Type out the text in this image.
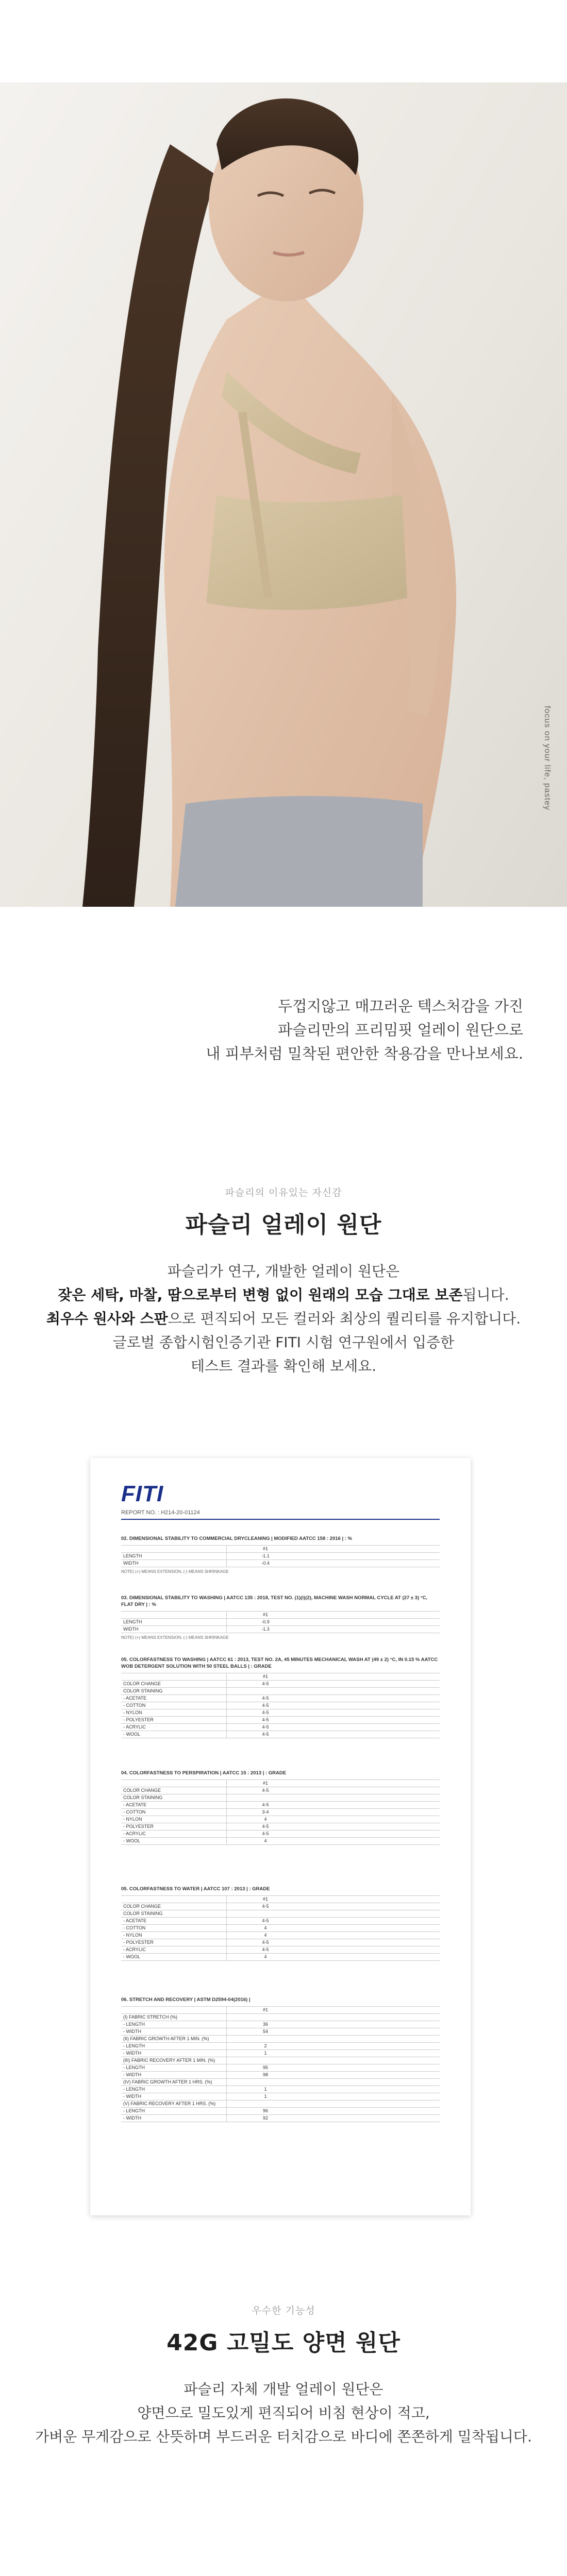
focus on your life, pastey
두껍지않고 매끄러운 텍스처감을 가진
파슬리만의 프리밈핏 얼레이 원단으로
내 피부처럼 밀착된 편안한 착용감을 만나보세요.
파슬리의 이유있는 자신감
파슬리 얼레이 원단
파슬리가 연구, 개발한 얼레이 원단은
잦은 세탁, 마찰, 땀으로부터 변형 없이 원래의 모습 그대로 보존됩니다.
최우수 원사와 스판으로 편직되어 모든 컬러와 최상의 퀄리티를 유지합니다.
글로벌 종합시험인증기관 FITI 시험 연구원에서 입증한
테스트 결과를 확인해 보세요.
FITI
REPORT NO. : H214-20-01124
02. DIMENSIONAL STABILITY TO COMMERCIAL DRYCLEANING | MODIFIED AATCC 158 : 2016 | : %
#1
LENGTH	-1.1
WIDTH	-0.4
NOTE) (+) MEANS EXTENSION, (-) MEANS SHRINKAGE
03. DIMENSIONAL STABILITY TO WASHING | AATCC 135 : 2018, TEST NO. (1)(i)(2), MACHINE WASH NORMAL CYCLE AT (27 ± 3) °C, FLAT DRY | : %
#1
LENGTH	-0.9
WIDTH	-1.3
NOTE) (+) MEANS EXTENSION, (-) MEANS SHRINKAGE
05. COLORFASTNESS TO WASHING | AATCC 61 : 2013, TEST NO. 2A, 45 MINUTES MECHANICAL WASH AT (49 ± 2) °C, IN 0.15 % AATCC WOB DETERGENT SOLUTION WITH 50 STEEL BALLS | : GRADE
#1
COLOR CHANGE	4-5
COLOR STAINING
- ACETATE	4-5
- COTTON	4-5
- NYLON	4-5
- POLYESTER	4-5
- ACRYLIC	4-5
- WOOL	4-5
04. COLORFASTNESS TO PERSPIRATION | AATCC 15 : 2013 | : GRADE
#1
COLOR CHANGE	4-5
COLOR STAINING
- ACETATE	4-5
- COTTON	3-4
- NYLON	4
- POLYESTER	4-5
- ACRYLIC	4-5
- WOOL	4
05. COLORFASTNESS TO WATER | AATCC 107 : 2013 | : GRADE
#1
COLOR CHANGE	4-5
COLOR STAINING
- ACETATE	4-5
- COTTON	4
- NYLON	4
- POLYESTER	4-5
- ACRYLIC	4-5
- WOOL	4
06. STRETCH AND RECOVERY | ASTM D2594-04(2016) |
#1
(I) FABRIC STRETCH (%)
- LENGTH	36
- WIDTH	54
(II) FABRIC GROWTH AFTER 1 MIN. (%)
- LENGTH	2
- WIDTH	1
(III) FABRIC RECOVERY AFTER 1 MIN. (%)
- LENGTH	95
- WIDTH	98
(IV) FABRIC GROWTH AFTER 1 HRS. (%)
- LENGTH	1
- WIDTH	1
(V) FABRIC RECOVERY AFTER 1 HRS. (%)
- LENGTH	96
- WIDTH	92
우수한 기능성
42G 고밀도 양면 원단
파슬리 자체 개발 얼레이 원단은
양면으로 밀도있게 편직되어 비침 현상이 적고,
가벼운 무게감으로 산뜻하며 부드러운 터치감으로 바디에 쫀쫀하게 밀착됩니다.
